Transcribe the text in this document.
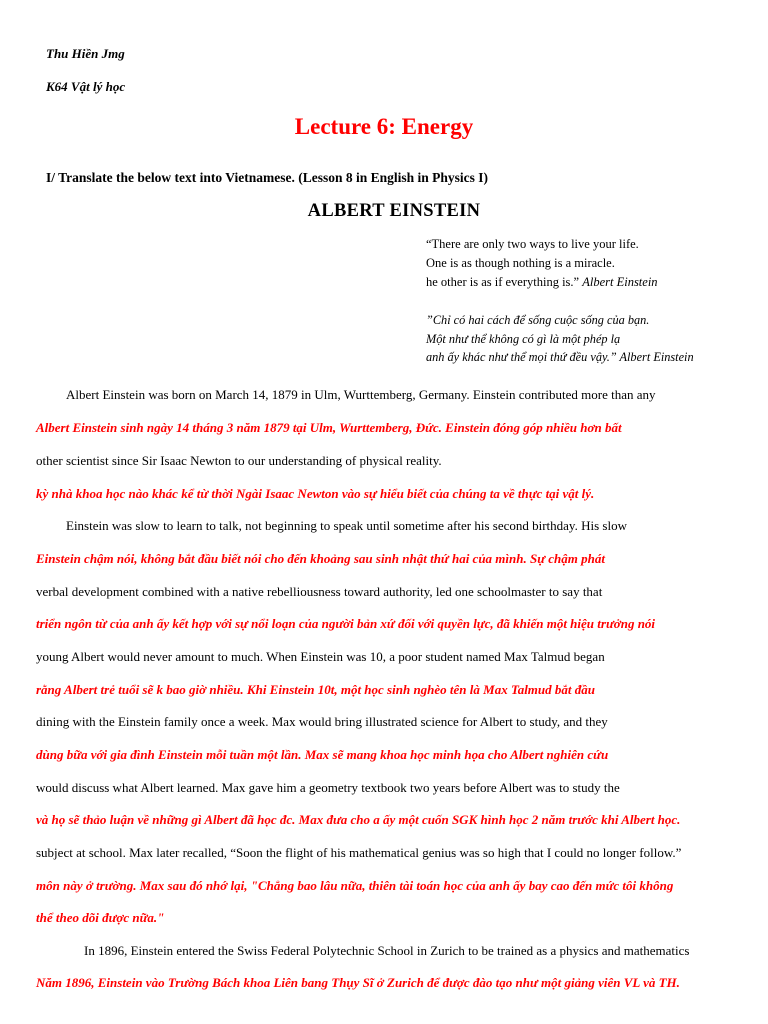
Thu Hiền Jmg
K64 Vật lý học
Lecture 6: Energy
I/ Translate the below text into Vietnamese. (Lesson 8 in English in Physics I)
ALBERT EINSTEIN
“There are only two ways to live your life.
One is as though nothing is a miracle.
he other is as if everything is.” Albert Einstein
”Chỉ có hai cách để sống cuộc sống của bạn.
Một như thể không có gì là một phép lạ
anh ấy khác như thể mọi thứ đều vậy.” Albert Einstein
Albert Einstein was born on March 14, 1879 in Ulm, Wurttemberg, Germany. Einstein contributed more than any
Albert Einstein sinh ngày 14 tháng 3 năm 1879 tại Ulm, Wurttemberg, Đức. Einstein đóng góp nhiều hơn bất
other scientist since Sir Isaac Newton to our understanding of physical reality.
kỳ nhà khoa học nào khác kể từ thời Ngài Isaac Newton vào sự hiểu biết của chúng ta về thực tại vật lý.
Einstein was slow to learn to talk, not beginning to speak until sometime after his second birthday. His slow
Einstein chậm nói, không bắt đầu biết nói cho đến khoảng sau sinh nhật thứ hai của mình. Sự chậm phát
verbal development combined with a native rebelliousness toward authority, led one schoolmaster to say that
triển ngôn từ của anh ấy kết hợp với sự nổi loạn của người bản xứ đối với quyền lực, đã khiến một hiệu trưởng nói
young Albert would never amount to much. When Einstein was 10, a poor student named Max Talmud began
rằng Albert trẻ tuổi sẽ k bao giờ nhiều. Khi Einstein 10t, một học sinh nghèo tên là Max Talmud bắt đầu
dining with the Einstein family once a week. Max would bring illustrated science for Albert to study, and they
dùng bữa với gia đình Einstein mỗi tuần một lần. Max sẽ mang khoa học minh họa cho Albert nghiên cứu
would discuss what Albert learned. Max gave him a geometry textbook two years before Albert was to study the
và họ sẽ thảo luận về những gì Albert đã học đc. Max đưa cho a ấy một cuốn SGK hình học 2 năm trước khi Albert học.
subject at school. Max later recalled, “Soon the flight of his mathematical genius was so high that I could no longer follow.”
môn này ở trường. Max sau đó nhớ lại, "Chẳng bao lâu nữa, thiên tài toán học của anh ấy bay cao đến mức tôi không
thể theo dõi được nữa."
In 1896, Einstein entered the Swiss Federal Polytechnic School in Zurich to be trained as a physics and mathematics
Năm 1896, Einstein vào Trường Bách khoa Liên bang Thụy Sĩ ở Zurich để được đào tạo như một giảng viên VL và TH.
